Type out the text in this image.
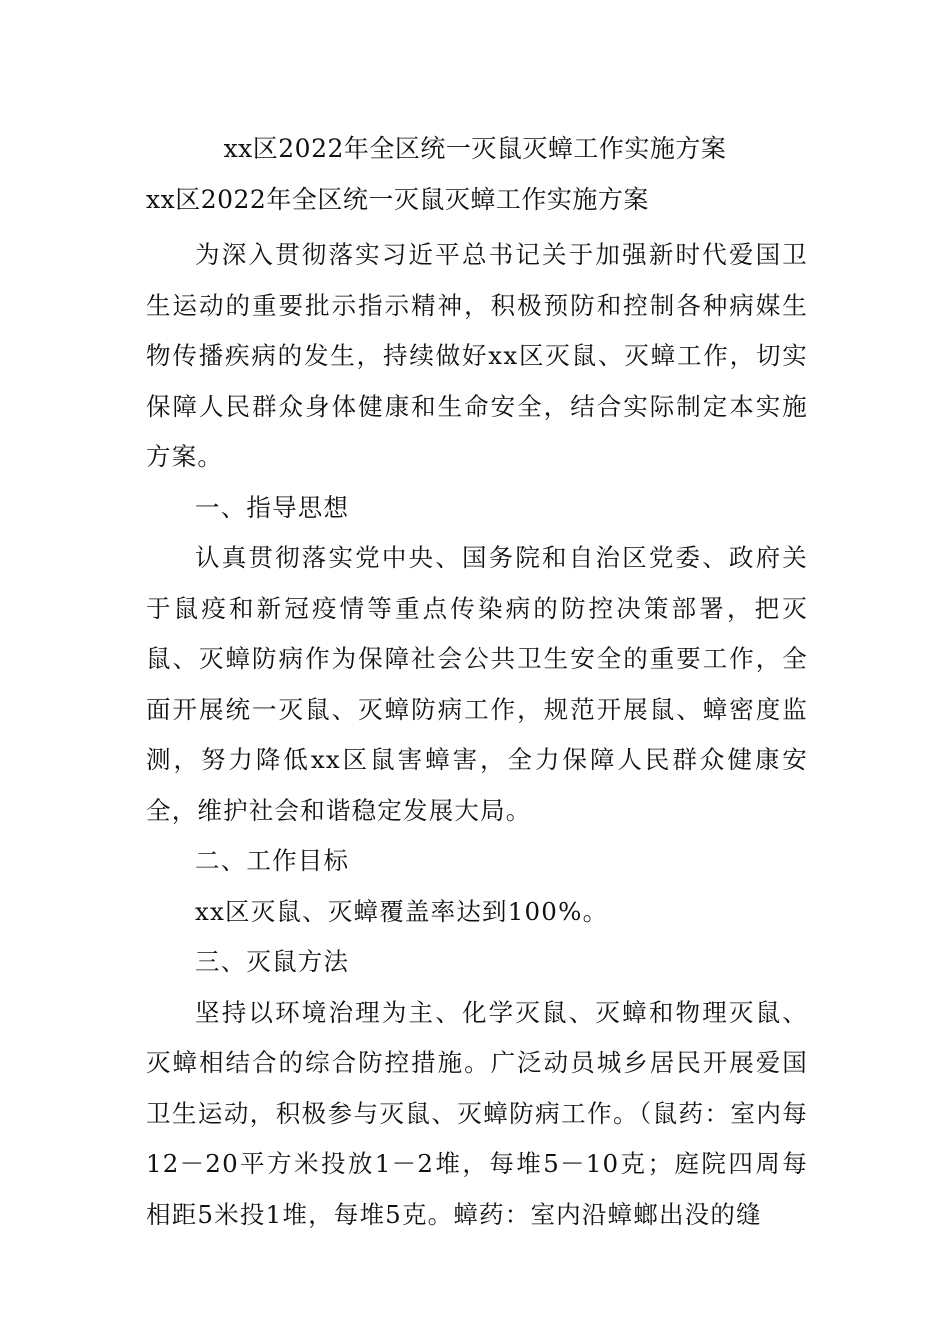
xx区2022年全区统一灭鼠灭蟑工作实施方案
xx区2022年全区统一灭鼠灭蟑工作实施方案

为深入贯彻落实习近平总书记关于加强新时代爱国卫生运动的重要批示指示精神，积极预防和控制各种病媒生物传播疾病的发生，持续做好xx区灭鼠、灭蟑工作，切实保障人民群众身体健康和生命安全，结合实际制定本实施方案。

一、指导思想

认真贯彻落实党中央、国务院和自治区党委、政府关于鼠疫和新冠疫情等重点传染病的防控决策部署，把灭鼠、灭蟑防病作为保障社会公共卫生安全的重要工作，全面开展统一灭鼠、灭蟑防病工作，规范开展鼠、蟑密度监测，努力降低xx区鼠害蟑害，全力保障人民群众健康安全，维护社会和谐稳定发展大局。

二、工作目标

xx区灭鼠、灭蟑覆盖率达到100%。

三、灭鼠方法

坚持以环境治理为主、化学灭鼠、灭蟑和物理灭鼠、灭蟑相结合的综合防控措施。广泛动员城乡居民开展爱国卫生运动，积极参与灭鼠、灭蟑防病工作。（鼠药：室内每12－20平方米投放1－2堆，每堆5－10克；庭院四周每相距5米投1堆，每堆5克。蟑药：室内沿蟑螂出没的缝
